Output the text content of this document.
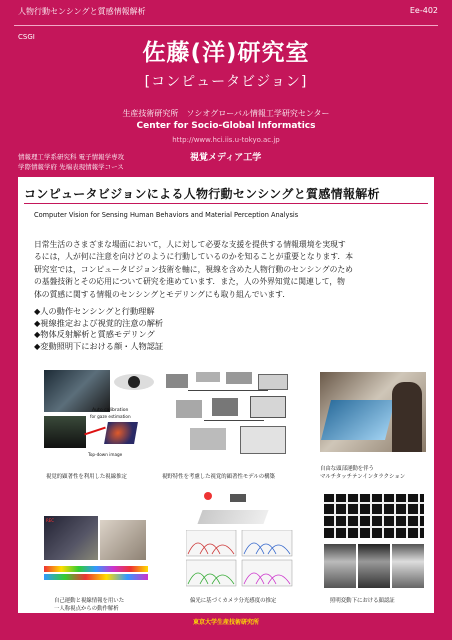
人物行動センシングと質感情報解析	Ee-402
CSGI
佐藤(洋)研究室
[コンピュータビジョン]
生産技術研究所　ソシオグローバル情報工学研究センター
Center for Socio-Global Informatics
http://www.hci.iis.u-tokyo.ac.jp
情報理工学系研究科 電子情報学専攻
学際情報学府 先端表現情報学コース
視覚メディア工学
コンピュータビジョンによる人物行動センシングと質感情報解析
Computer Vision for Sensing Human Behaviors and Material Perception Analysis
日常生活のさまざまな場面において，人に対して必要な支援を提供する情報環境を実現す
るには，人が何に注意を向けどのように行動しているのかを知ることが重要となります．本
研究室では，コンピュータビジョン技術を軸に，視線を含めた人物行動のセンシングのため
の基盤技術とその応用について研究を進めています．また，人の外界知覚に関連して，物
体の質感に関する情報のセンシングとモデリングにも取り組んでいます．
◆人の動作センシングと行動理解
◆視線推定および視覚的注意の解析
◆物体反射解析と質感モデリング
◆変動照明下における顔・人物認証
Auto calibration
for gaze estimation
Top-down image
視覚的顕著性を利用した視線推定	視野特性を考慮した視覚的顕著性モデルの構築
自由な頭部運動を伴う
マルチタッチテンインタラクション
REC
自己運動と視線情報を用いた
一人称視点からの動作解析
偏光に基づくカメラ分光感度の推定	照明変動下における顔認証
東京大学生産技術研究所
